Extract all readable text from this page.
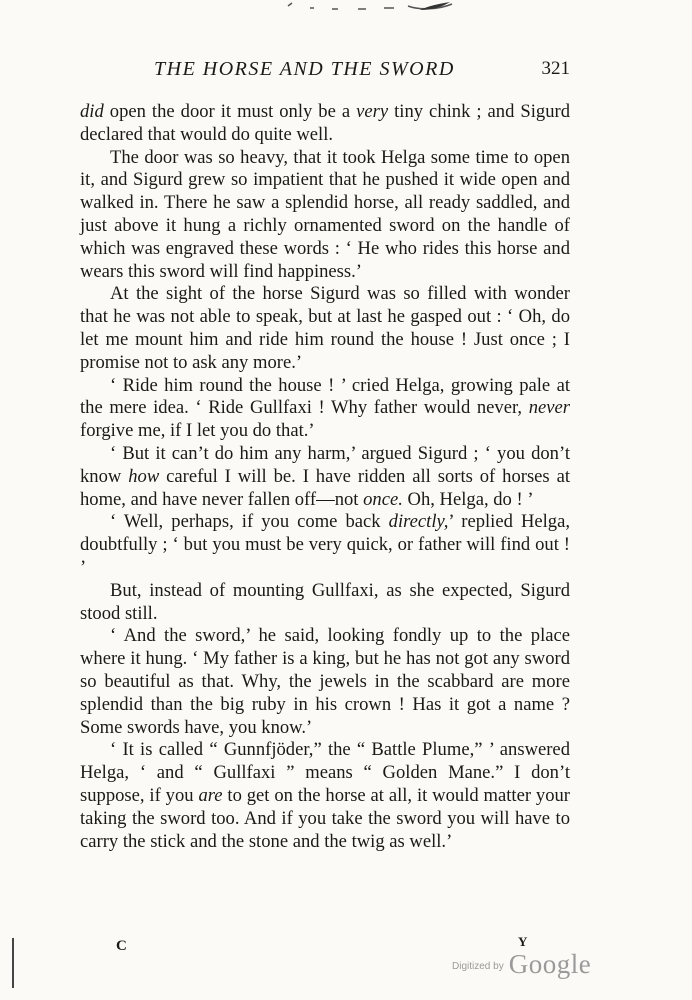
THE HORSE AND THE SWORD	321

did open the door it must only be a very tiny chink ; and Sigurd declared that would do quite well.

The door was so heavy, that it took Helga some time to open it, and Sigurd grew so impatient that he pushed it wide open and walked in. There he saw a splendid horse, all ready saddled, and just above it hung a richly ornamented sword on the handle of which was engraved these words : ‘ He who rides this horse and wears this sword will find happiness.’

At the sight of the horse Sigurd was so filled with wonder that he was not able to speak, but at last he gasped out : ‘ Oh, do let me mount him and ride him round the house ! Just once ; I promise not to ask any more.’

‘ Ride him round the house ! ’ cried Helga, growing pale at the mere idea. ‘ Ride Gullfaxi ! Why father would never, never forgive me, if I let you do that.’

‘ But it can’t do him any harm,’ argued Sigurd ; ‘ you don’t know how careful I will be. I have ridden all sorts of horses at home, and have never fallen off—not once. Oh, Helga, do ! ’

‘ Well, perhaps, if you come back directly,’ replied Helga, doubtfully ; ‘ but you must be very quick, or father will find out ! ’

But, instead of mounting Gullfaxi, as she expected, Sigurd stood still.

‘ And the sword,’ he said, looking fondly up to the place where it hung. ‘ My father is a king, but he has not got any sword so beautiful as that. Why, the jewels in the scabbard are more splendid than the big ruby in his crown ! Has it got a name ? Some swords have, you know.’

‘ It is called “ Gunnfjöder,” the “ Battle Plume,” ’ answered Helga, ‘ and “ Gullfaxi ” means “ Golden Mane.” I don’t suppose, if you are to get on the horse at all, it would matter your taking the sword too. And if you take the sword you will have to carry the stick and the stone and the twig as well.’

C	Y
$^{Digitized by}$ Google
